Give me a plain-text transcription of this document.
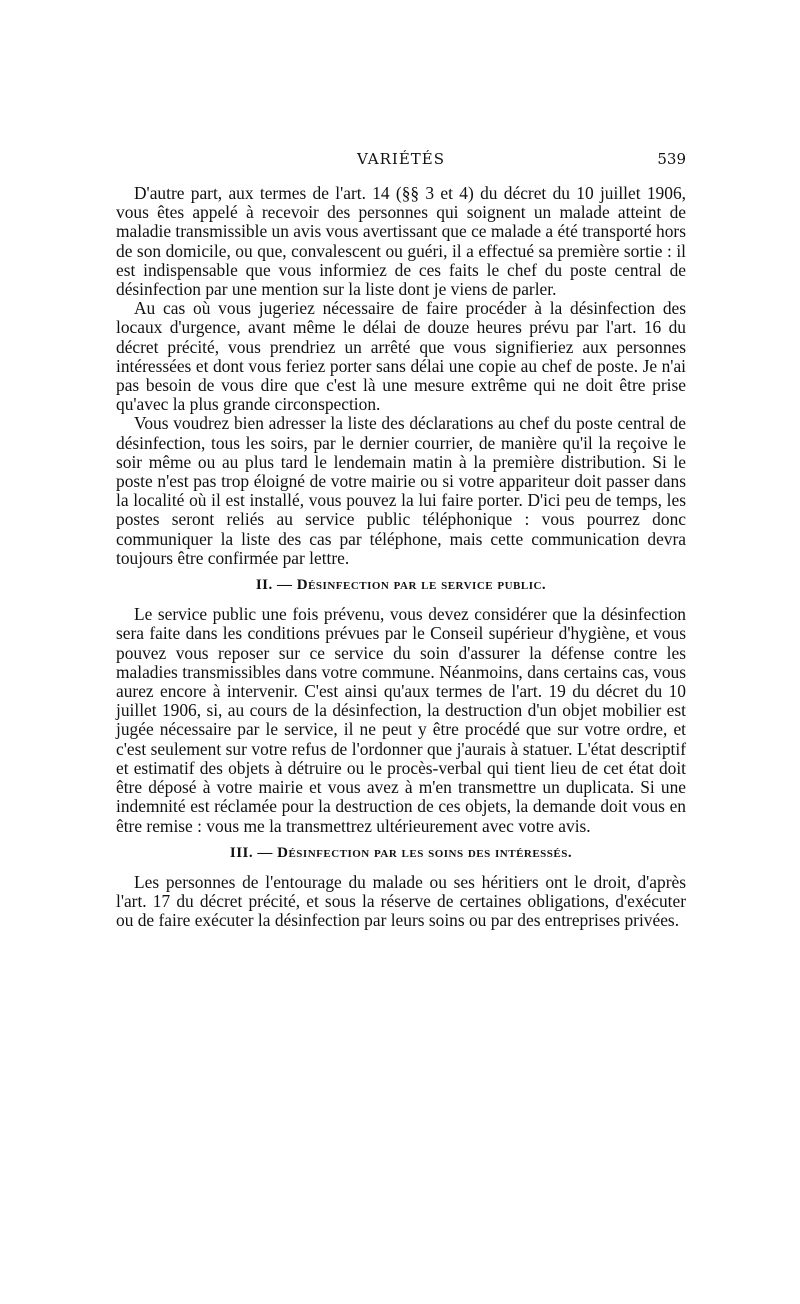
VARIÉTÉS	539

D'autre part, aux termes de l'art. 14 (§§ 3 et 4) du décret du 10 juillet 1906, vous êtes appelé à recevoir des personnes qui soignent un malade atteint de maladie transmissible un avis vous avertissant que ce malade a été transporté hors de son domicile, ou que, convalescent ou guéri, il a effectué sa première sortie : il est indispensable que vous informiez de ces faits le chef du poste central de désinfection par une mention sur la liste dont je viens de parler.

Au cas où vous jugeriez nécessaire de faire procéder à la désinfection des locaux d'urgence, avant même le délai de douze heures prévu par l'art. 16 du décret précité, vous prendriez un arrêté que vous signifieriez aux personnes intéressées et dont vous feriez porter sans délai une copie au chef de poste. Je n'ai pas besoin de vous dire que c'est là une mesure extrême qui ne doit être prise qu'avec la plus grande circonspection.

Vous voudrez bien adresser la liste des déclarations au chef du poste central de désinfection, tous les soirs, par le dernier courrier, de manière qu'il la reçoive le soir même ou au plus tard le lendemain matin à la première distribution. Si le poste n'est pas trop éloigné de votre mairie ou si votre appariteur doit passer dans la localité où il est installé, vous pouvez la lui faire porter. D'ici peu de temps, les postes seront reliés au service public téléphonique : vous pourrez donc communiquer la liste des cas par téléphone, mais cette communication devra toujours être confirmée par lettre.

II. — Désinfection par le service public.

Le service public une fois prévenu, vous devez considérer que la désinfection sera faite dans les conditions prévues par le Conseil supérieur d'hygiène, et vous pouvez vous reposer sur ce service du soin d'assurer la défense contre les maladies transmissibles dans votre commune. Néanmoins, dans certains cas, vous aurez encore à intervenir. C'est ainsi qu'aux termes de l'art. 19 du décret du 10 juillet 1906, si, au cours de la désinfection, la destruction d'un objet mobilier est jugée nécessaire par le service, il ne peut y être procédé que sur votre ordre, et c'est seulement sur votre refus de l'ordonner que j'aurais à statuer. L'état descriptif et estimatif des objets à détruire ou le procès-verbal qui tient lieu de cet état doit être déposé à votre mairie et vous avez à m'en transmettre un duplicata. Si une indemnité est réclamée pour la destruction de ces objets, la demande doit vous en être remise : vous me la transmettrez ultérieurement avec votre avis.

III. — Désinfection par les soins des intéressés.

Les personnes de l'entourage du malade ou ses héritiers ont le droit, d'après l'art. 17 du décret précité, et sous la réserve de certaines obligations, d'exécuter ou de faire exécuter la désinfection par leurs soins ou par des entreprises privées.
